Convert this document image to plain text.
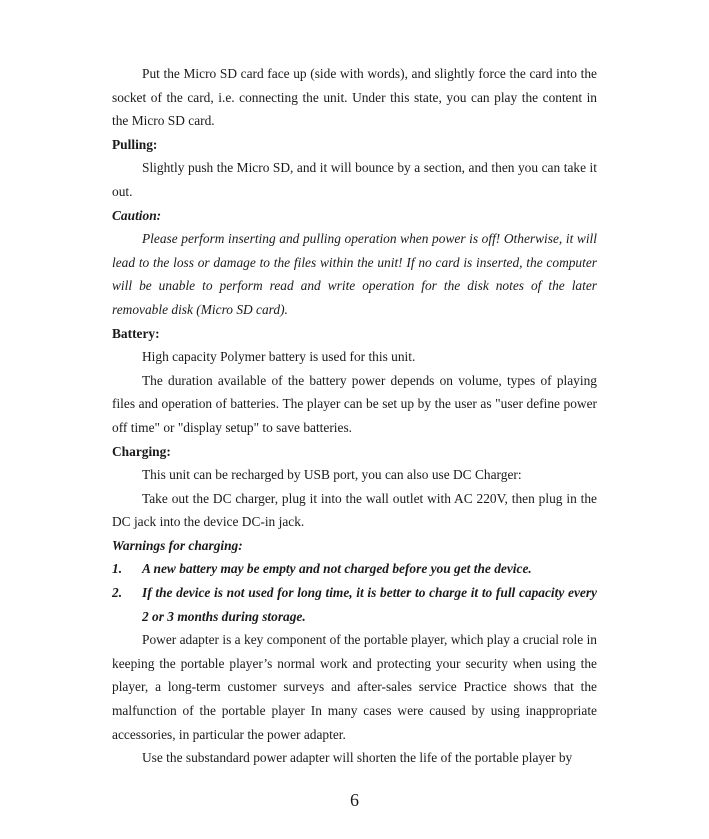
Put the Micro SD card face up (side with words), and slightly force the card into the socket of the card, i.e. connecting the unit. Under this state, you can play the content in the Micro SD card.

Pulling:

Slightly push the Micro SD, and it will bounce by a section, and then you can take it out.

Caution:

Please perform inserting and pulling operation when power is off! Otherwise, it will lead to the loss or damage to the files within the unit! If no card is inserted, the computer will be unable to perform read and write operation for the disk notes of the later removable disk (Micro SD card).

Battery:

High capacity Polymer battery is used for this unit.

The duration available of the battery power depends on volume, types of playing files and operation of batteries. The player can be set up by the user as "user define power off time" or "display setup" to save batteries.

Charging:

This unit can be recharged by USB port, you can also use DC Charger:

Take out the DC charger, plug it into the wall outlet with AC 220V, then plug in the DC jack into the device DC-in jack.

Warnings for charging:
1.	A new battery may be empty and not charged before you get the device.
2.	If the device is not used for long time, it is better to charge it to full capacity every 2 or 3 months during storage.

Power adapter is a key component of the portable player, which play a crucial role in keeping the portable player’s normal work and protecting your security when using the player, a long-term customer surveys and after-sales service Practice shows that the malfunction of the portable player In many cases were caused by using inappropriate accessories, in particular the power adapter.

Use the substandard power adapter will shorten the life of the portable player by

6
